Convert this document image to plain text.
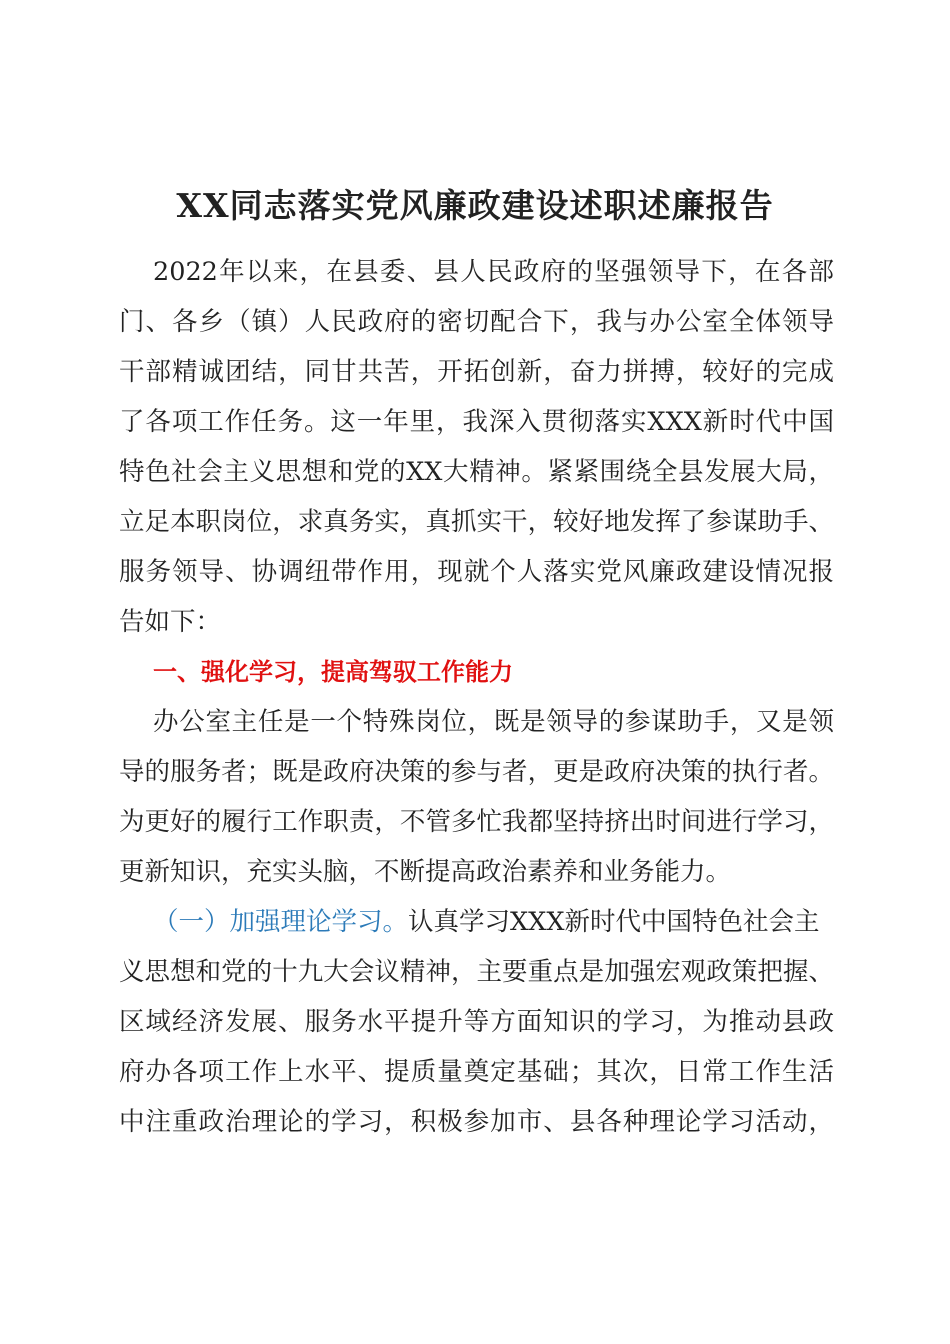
XX同志落实党风廉政建设述职述廉报告
2022年以来，在县委、县人民政府的坚强领导下，在各部
门、各乡（镇）人民政府的密切配合下，我与办公室全体领导
干部精诚团结，同甘共苦，开拓创新，奋力拼搏，较好的完成
了各项工作任务。这一年里，我深入贯彻落实XXX新时代中国
特色社会主义思想和党的XX大精神。紧紧围绕全县发展大局，
立足本职岗位，求真务实，真抓实干，较好地发挥了参谋助手、
服务领导、协调纽带作用，现就个人落实党风廉政建设情况报
告如下：
一、强化学习，提高驾驭工作能力
办公室主任是一个特殊岗位，既是领导的参谋助手，又是领
导的服务者；既是政府决策的参与者，更是政府决策的执行者。
为更好的履行工作职责，不管多忙我都坚持挤出时间进行学习，
更新知识，充实头脑，不断提高政治素养和业务能力。
（一）加强理论学习。 认真学习XXX新时代中国特色社会主
义思想和党的十九大会议精神，主要重点是加强宏观政策把握、
区域经济发展、服务水平提升等方面知识的学习，为推动县政
府办各项工作上水平、提质量奠定基础；其次，日常工作生活
中注重政治理论的学习，积极参加市、县各种理论学习活动，
